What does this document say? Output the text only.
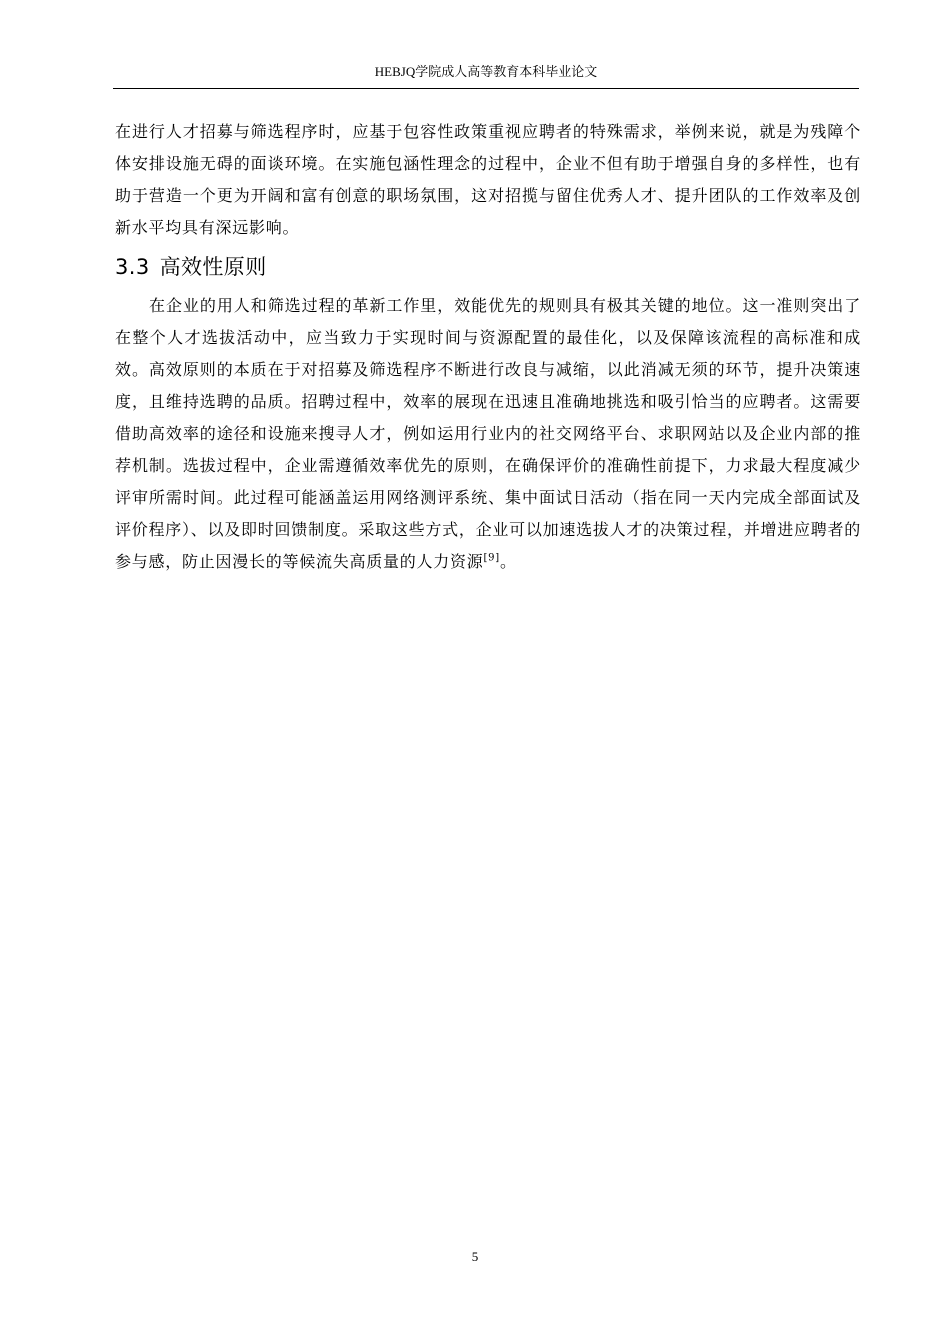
HEBJQ学院成人高等教育本科毕业论文

在进行人才招募与筛选程序时，应基于包容性政策重视应聘者的特殊需求，举例来说，就是为残障个体安排设施无碍的面谈环境。在实施包涵性理念的过程中，企业不但有助于增强自身的多样性，也有助于营造一个更为开阔和富有创意的职场氛围，这对招揽与留住优秀人才、提升团队的工作效率及创新水平均具有深远影响。

3.3 高效性原则

在企业的用人和筛选过程的革新工作里，效能优先的规则具有极其关键的地位。这一准则突出了在整个人才选拔活动中，应当致力于实现时间与资源配置的最佳化，以及保障该流程的高标准和成效。高效原则的本质在于对招募及筛选程序不断进行改良与减缩，以此消减无须的环节，提升决策速度，且维持选聘的品质。招聘过程中，效率的展现在迅速且准确地挑选和吸引恰当的应聘者。这需要借助高效率的途径和设施来搜寻人才，例如运用行业内的社交网络平台、求职网站以及企业内部的推荐机制。选拔过程中，企业需遵循效率优先的原则，在确保评价的准确性前提下，力求最大程度减少评审所需时间。此过程可能涵盖运用网络测评系统、集中面试日活动（指在同一天内完成全部面试及评价程序）、以及即时回馈制度。采取这些方式，企业可以加速选拔人才的决策过程，并增进应聘者的参与感，防止因漫长的等候流失高质量的人力资源[9]。

5
